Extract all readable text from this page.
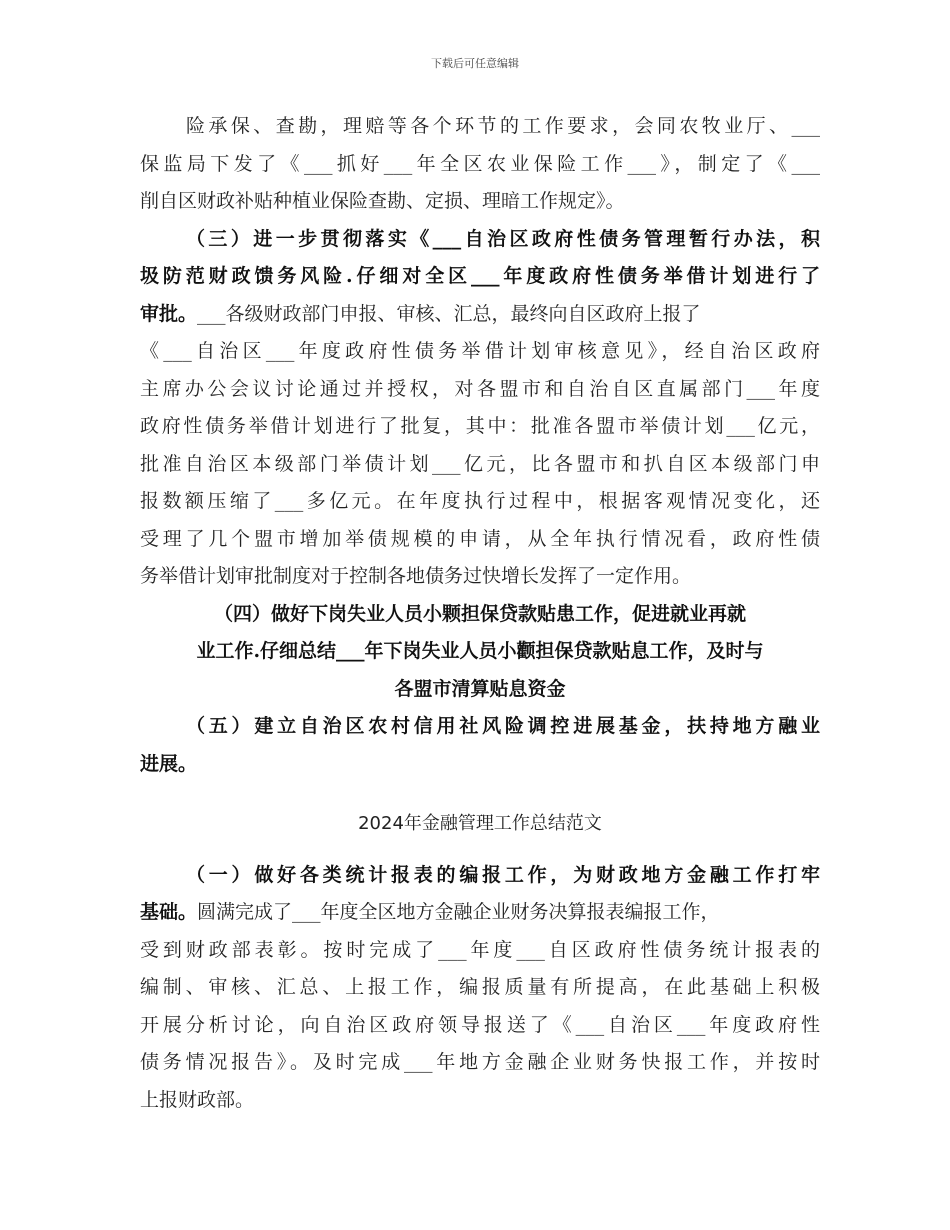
下载后可任意编辑
险承保、查勘，理赔等各个环节的工作要求，会同农牧业厅、___
保监局下发了《___抓好___年全区农业保险工作___》，制定了《___
削自区财政补贴种植业保险查勘、定损、理暗工作规定》。
（三）进一步贯彻落实《___自治区政府性债务管理暂行办法，积
圾防范财政馈务风险.仔细对全区___年度政府性债务举借计划进行了
审批。___各级财政部门申报、审核、汇总，最终向自区政府上报了
《___自治区___年度政府性债务举借计划审核意见》，经自治区政府
主席办公会议讨论通过并授权，对各盟市和自治自区直属部门___年度
政府性债务举借计划进行了批复，其中：批准各盟市举债计划___亿元，
批准自治区本级部门举债计划___亿元，比各盟市和扒自区本级部门申
报数额压缩了___多亿元。在年度执行过程中，根据客观情况变化，还
受理了几个盟市增加举债规模的申请，从全年执行情况看，政府性债
务举借计划审批制度对于控制各地债务过快增长发挥了一定作用。
（四）做好下岗失业人员小颗担保贷款贴患工作，促进就业再就
业工作.仔细总结___年下岗失业人员小颧担保贷款贴息工作，及时与
各盟市清算贴息资金
（五）建立自治区农村信用社风险调控进展基金，扶持地方融业
进展。
2024年金融管理工作总结范文
（一）做好各类统计报表的编报工作，为财政地方金融工作打牢
基础。圆满完成了___年度全区地方金融企业财务决算报表编报工作，
受到财政部表彰。按时完成了___年度___自区政府性债务统计报表的
编制、审核、汇总、上报工作，编报质量有所提高，在此基础上积极
开展分析讨论，向自治区政府领导报送了《___自治区___年度政府性
债务情况报告》。及时完成___年地方金融企业财务快报工作，并按时
上报财政部。
